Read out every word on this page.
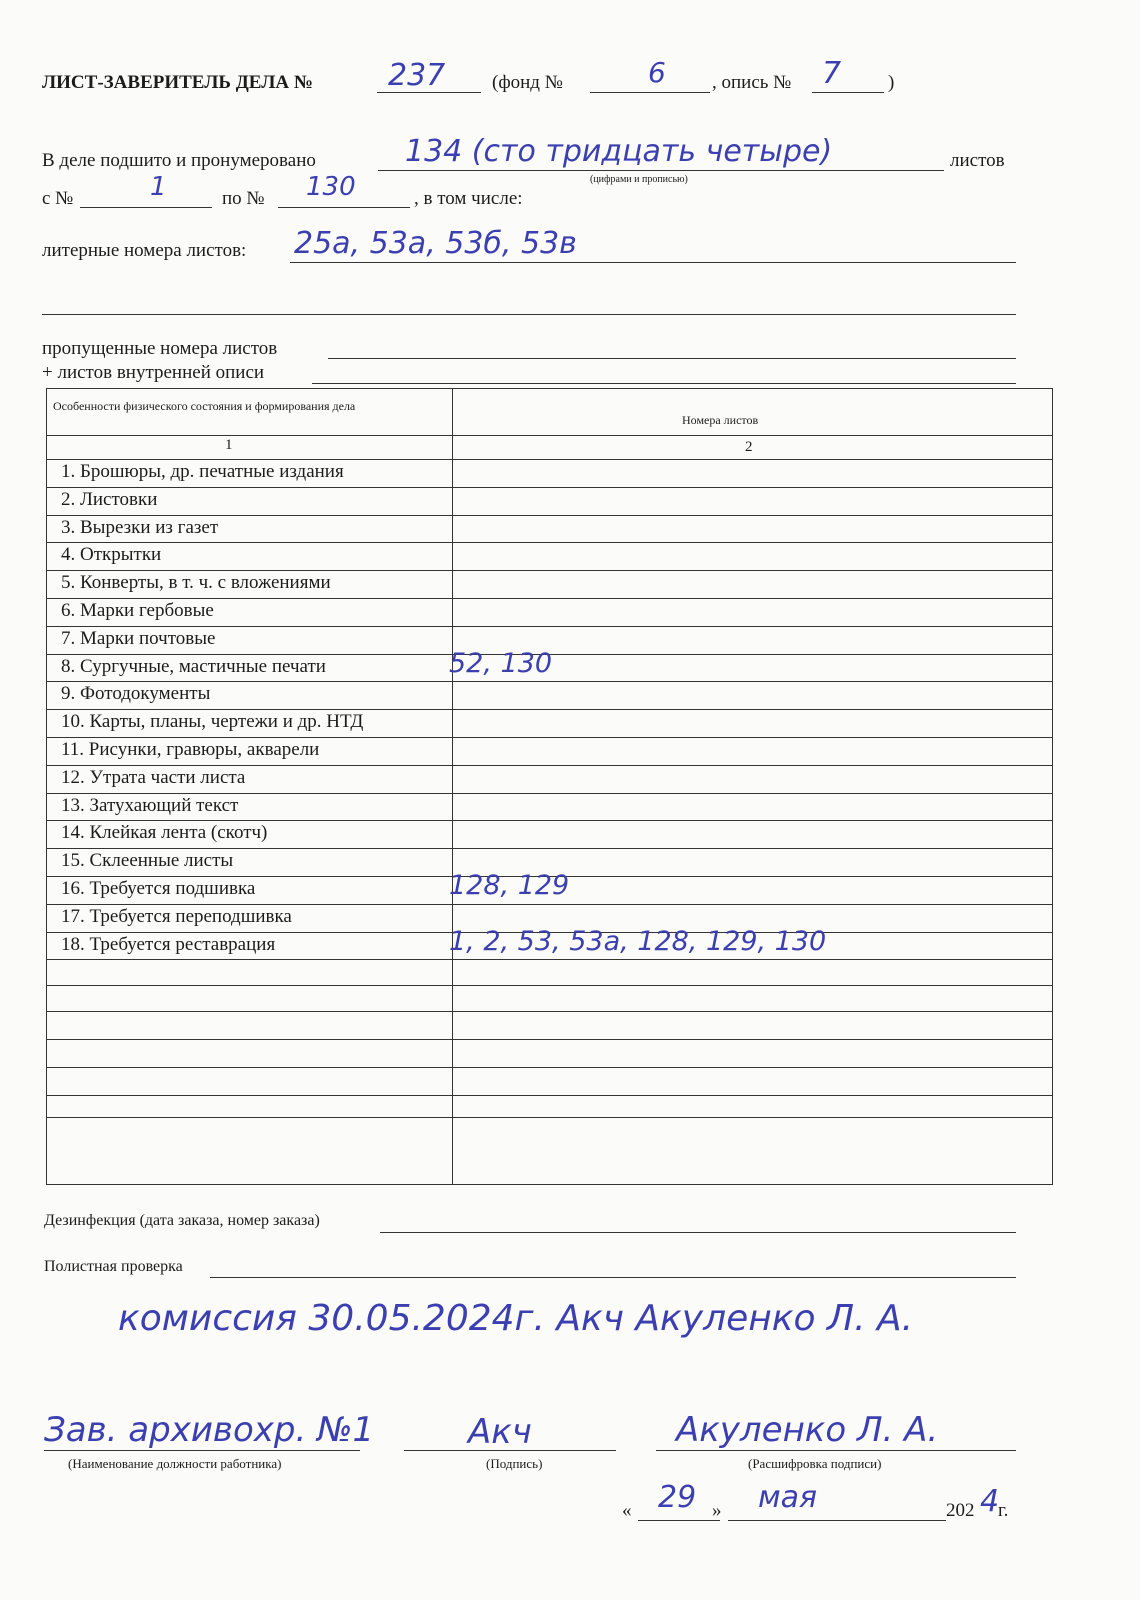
ЛИСТ-ЗАВЕРИТЕЛЬ ДЕЛА №	237 (фонд №	6 , опись № 7 )
В деле подшито и пронумеровано	134 (сто тридцать четыре)
(цифрами и прописью)
листов
с №	1	по № 130	, в том числе:
литерные номера листов: 25а, 53а, 53б, 53в
пропущенные номера листов
+ листов внутренней описи
Особенности физического состояния и формирования дела
Номера листов
1	2
1. Брошюры, др. печатные издания
2. Листовки
3. Вырезки из газет
4. Открытки
5. Конверты, в т. ч. с вложениями
6. Марки гербовые
7. Марки почтовые
8. Сургучные, мастичные печати	52, 130
9. Фотодокументы
10. Карты, планы, чертежи и др. НТД
11. Рисунки, гравюры, акварели
12. Утрата части листа
13. Затухающий текст
14. Клейкая лента (скотч)
15. Склеенные листы
16. Требуется подшивка	128, 129
17. Требуется переподшивка
18. Требуется реставрация	1, 2, 53, 53а, 128, 129, 130
Дезинфекция (дата заказа, номер заказа)
Полистная проверка
комиссия 30.05.2024г. Акч Акуленко Л. А.
Зав. архивохр. №1
(Наименование должности работника)
Акч
(Подпись)
Акуленко Л. А.
(Расшифровка подписи)
« 29 » мая	202 4
г.
